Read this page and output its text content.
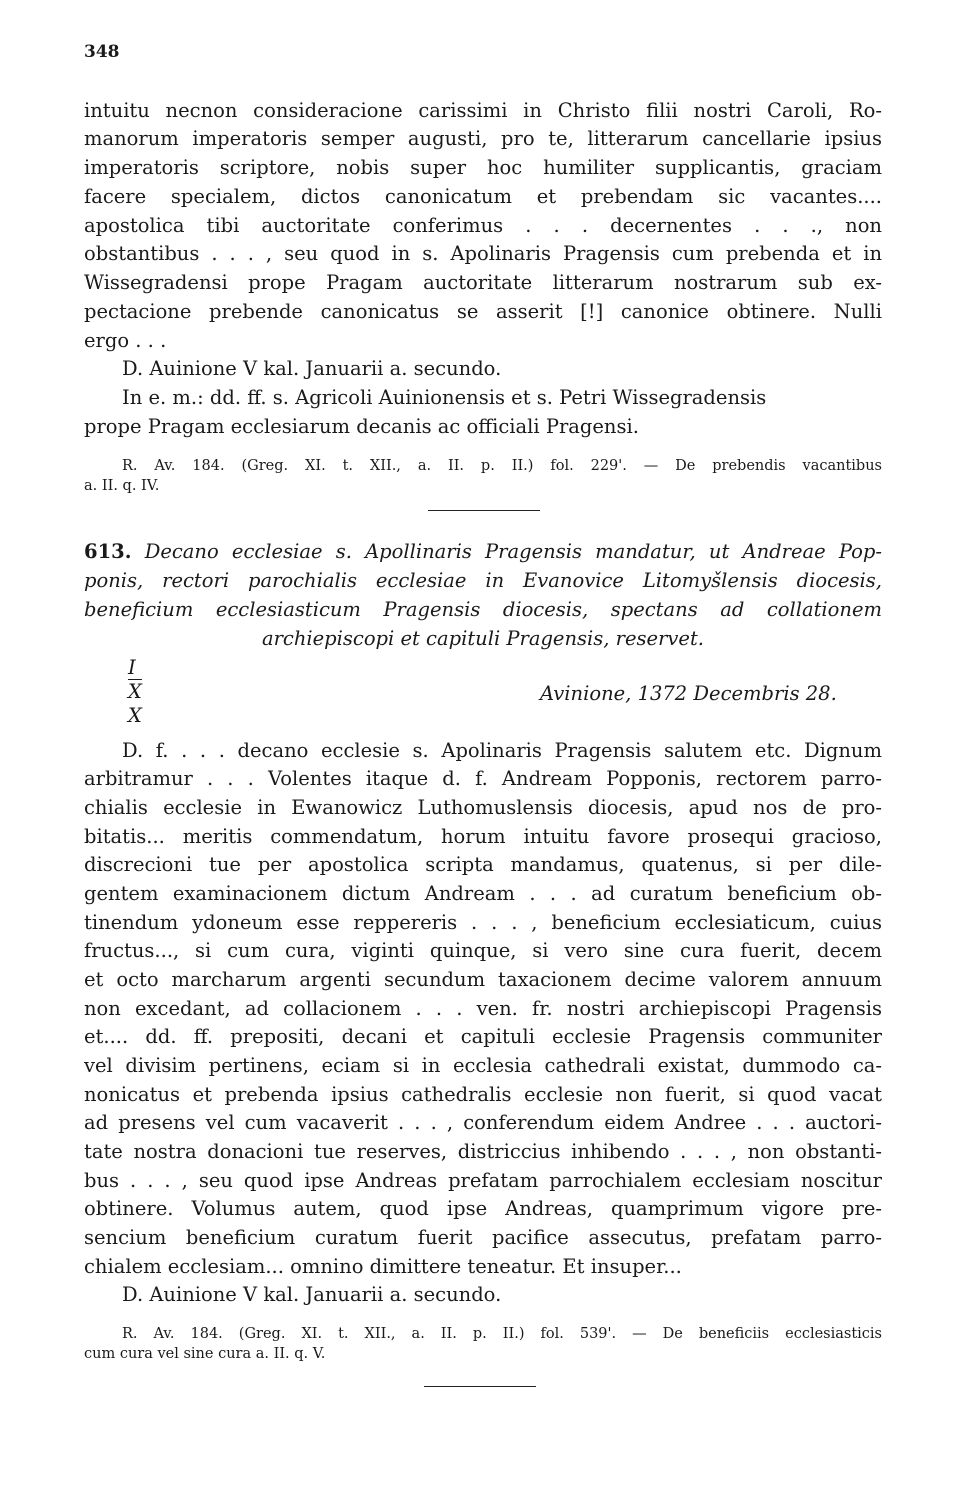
348
intuitu necnon consideracione carissimi in Christo filii nostri Caroli, Ro-
manorum imperatoris semper augusti, pro te, litterarum cancellarie ipsius
imperatoris scriptore, nobis super hoc humiliter supplicantis, graciam
facere specialem, dictos canonicatum et prebendam sic vacantes....
apostolica tibi auctoritate conferimus . . . decernentes . . ., non
obstantibus . . . , seu quod in s. Apolinaris Pragensis cum prebenda et in
Wissegradensi prope Pragam auctoritate litterarum nostrarum sub ex-
pectacione prebende canonicatus se asserit [!] canonice obtinere. Nulli
ergo . . .
D. Auinione V kal. Januarii a. secundo.
In e. m.: dd. ff. s. Agricoli Auinionensis et s. Petri Wissegradensis
prope Pragam ecclesiarum decanis ac officiali Pragensi.
R. Av. 184. (Greg. XI. t. XII., a. II. p. II.) fol. 229'. — De prebendis vacantibus
a. II. q. IV.
613. Decano ecclesiae s. Apollinaris Pragensis mandatur, ut Andreae Pop-
ponis, rectori parochialis ecclesiae in Evanovice Litomyšlensis diocesis,
beneficium ecclesiasticum Pragensis diocesis, spectans ad collationem
archiepiscopi et capituli Pragensis, reservet.
I
$\overline{X}$
X
Avinione, 1372 Decembris 28.
D. f. . . . decano ecclesie s. Apolinaris Pragensis salutem etc. Dignum
arbitramur . . . Volentes itaque d. f. Andream Popponis, rectorem parro-
chialis ecclesie in Ewanowicz Luthomuslensis diocesis, apud nos de pro-
bitatis... meritis commendatum, horum intuitu favore prosequi gracioso,
discrecioni tue per apostolica scripta mandamus, quatenus, si per dile-
gentem examinacionem dictum Andream . . . ad curatum beneficium ob-
tinendum ydoneum esse reppereris . . . , beneficium ecclesiaticum, cuius
fructus..., si cum cura, viginti quinque, si vero sine cura fuerit, decem
et octo marcharum argenti secundum taxacionem decime valorem annuum
non excedant, ad collacionem . . . ven. fr. nostri archiepiscopi Pragensis
et.... dd. ff. prepositi, decani et capituli ecclesie Pragensis communiter
vel divisim pertinens, eciam si in ecclesia cathedrali existat, dummodo ca-
nonicatus et prebenda ipsius cathedralis ecclesie non fuerit, si quod vacat
ad presens vel cum vacaverit . . . , conferendum eidem Andree . . . auctori-
tate nostra donacioni tue reserves, districcius inhibendo . . . , non obstanti-
bus . . . , seu quod ipse Andreas prefatam parrochialem ecclesiam noscitur
obtinere. Volumus autem, quod ipse Andreas, quamprimum vigore pre-
sencium beneficium curatum fuerit pacifice assecutus, prefatam parro-
chialem ecclesiam... omnino dimittere teneatur. Et insuper...
D. Auinione V kal. Januarii a. secundo.
R. Av. 184. (Greg. XI. t. XII., a. II. p. II.) fol. 539'. — De beneficiis ecclesiasticis
cum cura vel sine cura a. II. q. V.
